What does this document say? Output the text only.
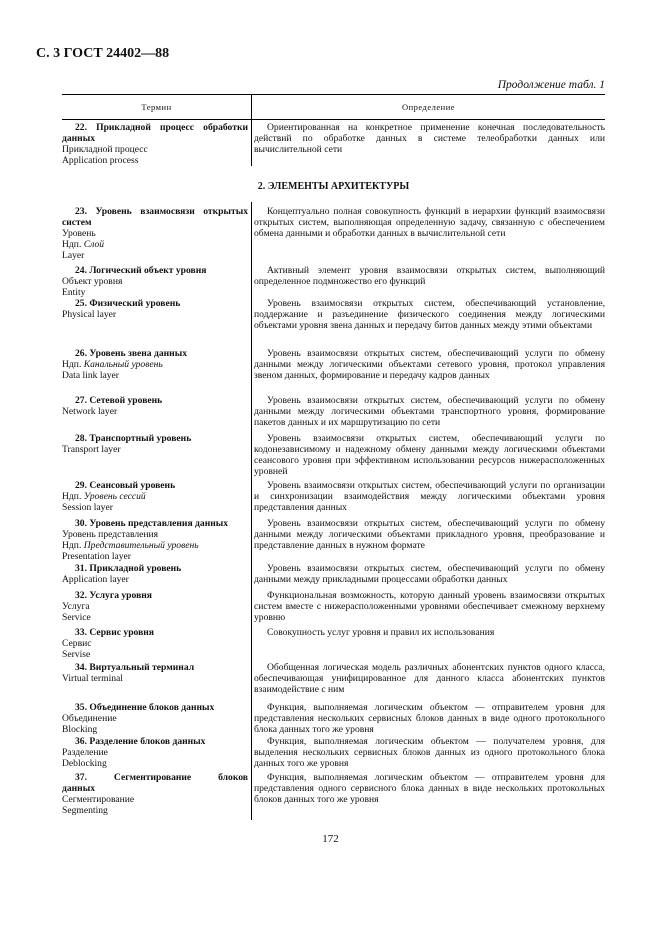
С. 3 ГОСТ 24402—88
Продолжение табл. 1
Термин	Определение
2. ЭЛЕМЕНТЫ АРХИТЕКТУРЫ
22. Прикладной процесс обработки
данных
Прикладной процесс
Application process
Ориентированная на конкретное применение конечная последовательность действий по обработке данных в системе телеобработки данных или вычислительной сети
23. Уровень взаимосвязи открытых
систем
Уровень
Ндп. Слой
Layer
Концептуально полная совокупность функций в иерархии функций взаимосвязи открытых систем, выполняющая определенную задачу, связанную с обеспечением обмена данными и обработки данных в вычислительной сети
24. Логический объект уровня
Объект уровня
Entity
Активный элемент уровня взаимосвязи открытых систем, выполняющий определенное подмножество его функций
25. Физический уровень
Physical layer
Уровень взаимосвязи открытых систем, обеспечивающий установление, поддержание и разъединение физического соединения между логическими объектами уровня звена данных и передачу битов данных между этими объектами
26. Уровень звена данных
Ндп. Канальный уровень
Data link layer
Уровень взаимосвязи открытых систем, обеспечивающий услуги по обмену данными между логическими объектами сетевого уровня, протокол управления звеном данных, формирование и передачу кадров данных
27. Сетевой уровень
Network layer
Уровень взаимосвязи открытых систем, обеспечивающий услуги по обмену данными между логическими объектами транспортного уровня, формирование пакетов данных и их маршрутизацию по сети
28. Транспортный уровень
Transport layer
Уровень взаимосвязи открытых систем, обеспечивающий услуги по кодонезависимому и надежному обмену данными между логическими объектами сеансового уровня при эффективном использовании ресурсов нижерасположенных уровней
29. Сеансовый уровень
Ндп. Уровень сессий
Session layer
Уровень взаимосвязи открытых систем, обеспечивающий услуги по организации и синхронизации взаимодействия между логическими объектами уровня представления данных
30. Уровень представления данных
Уровень представления
Ндп. Представительный уровень
Presentation layer
Уровень взаимосвязи открытых систем, обеспечивающий услуги по обмену данными между логическими объектами прикладного уровня, преобразование и представление данных в нужном формате
31. Прикладной уровень
Application layer
Уровень взаимосвязи открытых систем, обеспечивающий услуги по обмену данными между прикладными процессами обработки данных
32. Услуга уровня
Услуга
Service
Функциональная возможность, которую данный уровень взаимосвязи открытых систем вместе с нижерасположенными уровнями обеспечивает смежному верхнему уровню
33. Сервис уровня
Сервис
Servise
Совокупность услуг уровня и правил их использования
34. Виртуальный терминал
Virtual terminal
Обобщенная логическая модель различных абонентских пунктов одного класса, обеспечивающая унифицированное для данного класса абонентских пунктов взаимодействие с ним
35. Объединение блоков данных
Объединение
Blocking
Функция, выполняемая логическим объектом — отправителем уровня для представления нескольких сервисных блоков данных в виде одного протокольного блока данных того же уровня
36. Разделение блоков данных
Разделение
Deblocking
Функция, выполняемая логическим объектом — получателем уровня, для выделения нескольких сервисных блоков данных из одного протокольного блока данных того же уровня
37. Сегментирование блоков
данных
Сегментирование
Segmenting
Функция, выполняемая логическим объектом — отправителем уровня для представления одного сервисного блока данных в виде нескольких протокольных блоков данных того же уровня
172
